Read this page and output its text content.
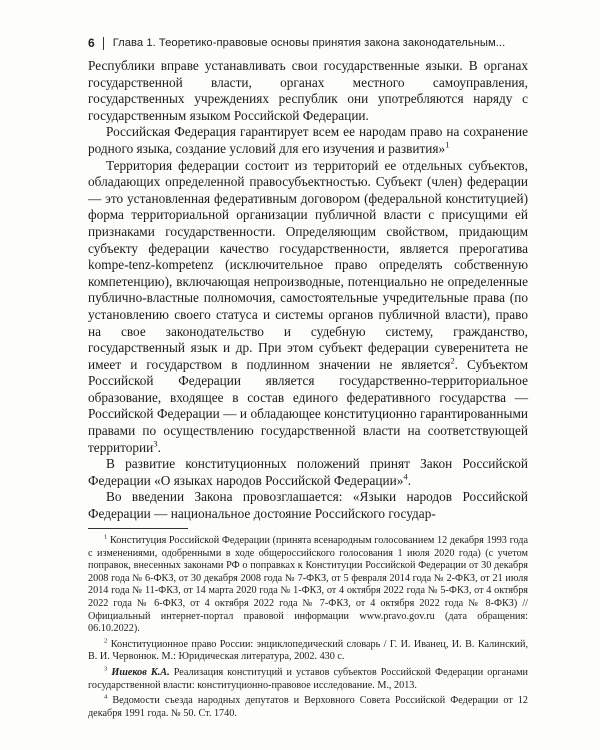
6 Глава 1. Теоретико-правовые основы принятия закона законодательным...

Республики вправе устанавливать свои государственные языки. В органах государственной власти, органах местного самоуправления, государственных учреждениях республик они употребляются наряду с государственным языком Российской Федерации.

Российская Федерация гарантирует всем ее народам право на сохранение родного языка, создание условий для его изучения и развития»$^1$

Территория федерации состоит из территорий ее отдельных субъектов, обладающих определенной правосубъектностью. Субъект (член) федерации — это установленная федеративным договором (федеральной конституцией) форма территориальной организации публичной власти с присущими ей признаками государственности. Определяющим свойством, придающим субъекту федерации качество государственности, является прерогатива kompe-tenz-kompetenz (исключительное право определять собственную компетенцию), включающая непроизводные, потенциально не определенные публично-властные полномочия, самостоятельные учредительные права (по установлению своего статуса и системы органов публичной власти), право на свое законодательство и судебную систему, гражданство, государственный язык и др. При этом субъект федерации суверенитета не имеет и государством в подлинном значении не является$^2$. Субъектом Российской Федерации является государственно-территориальное образование, входящее в состав единого федеративного государства — Российской Федерации — и обладающее конституционно гарантированными правами по осуществлению государственной власти на соответствующей территории$^3$.

В развитие конституционных положений принят Закон Российской Федерации «О языках народов Российской Федерации»$^4$.

Во введении Закона провозглашается: «Языки народов Российской Федерации — национальное достояние Российского государ-

$^1$ Конституция Российской Федерации (принята всенародным голосованием 12 декабря 1993 года с изменениями, одобренными в ходе общероссийского голосования 1 июля 2020 года) (с учетом поправок, внесенных законами РФ о поправках к Конституции Российской Федерации от 30 декабря 2008 года № 6-ФКЗ, от 30 декабря 2008 года № 7-ФКЗ, от 5 февраля 2014 года № 2-ФКЗ, от 21 июля 2014 года № 11-ФКЗ, от 14 марта 2020 года № 1-ФКЗ, от 4 октября 2022 года № 5-ФКЗ, от 4 октября 2022 года № 6-ФКЗ, от 4 октября 2022 года № 7-ФКЗ, от 4 октября 2022 года № 8-ФКЗ) // Официальный интернет-портал правовой информации www.pravo.gov.ru (дата обращения: 06.10.2022).

$^2$ Конституционное право России: энциклопедический словарь / Г. И. Иванец, И. В. Калинский, В. И. Червонюк. М.: Юридическая литература, 2002. 430 с.

$^3$ Ишеков К.А. Реализация конституций и уставов субъектов Российской Федерации органами государственной власти: конституционно-правовое исследование. М., 2013.

$^4$ Ведомости съезда народных депутатов и Верховного Совета Российской Федерации от 12 декабря 1991 года. № 50. Ст. 1740.
